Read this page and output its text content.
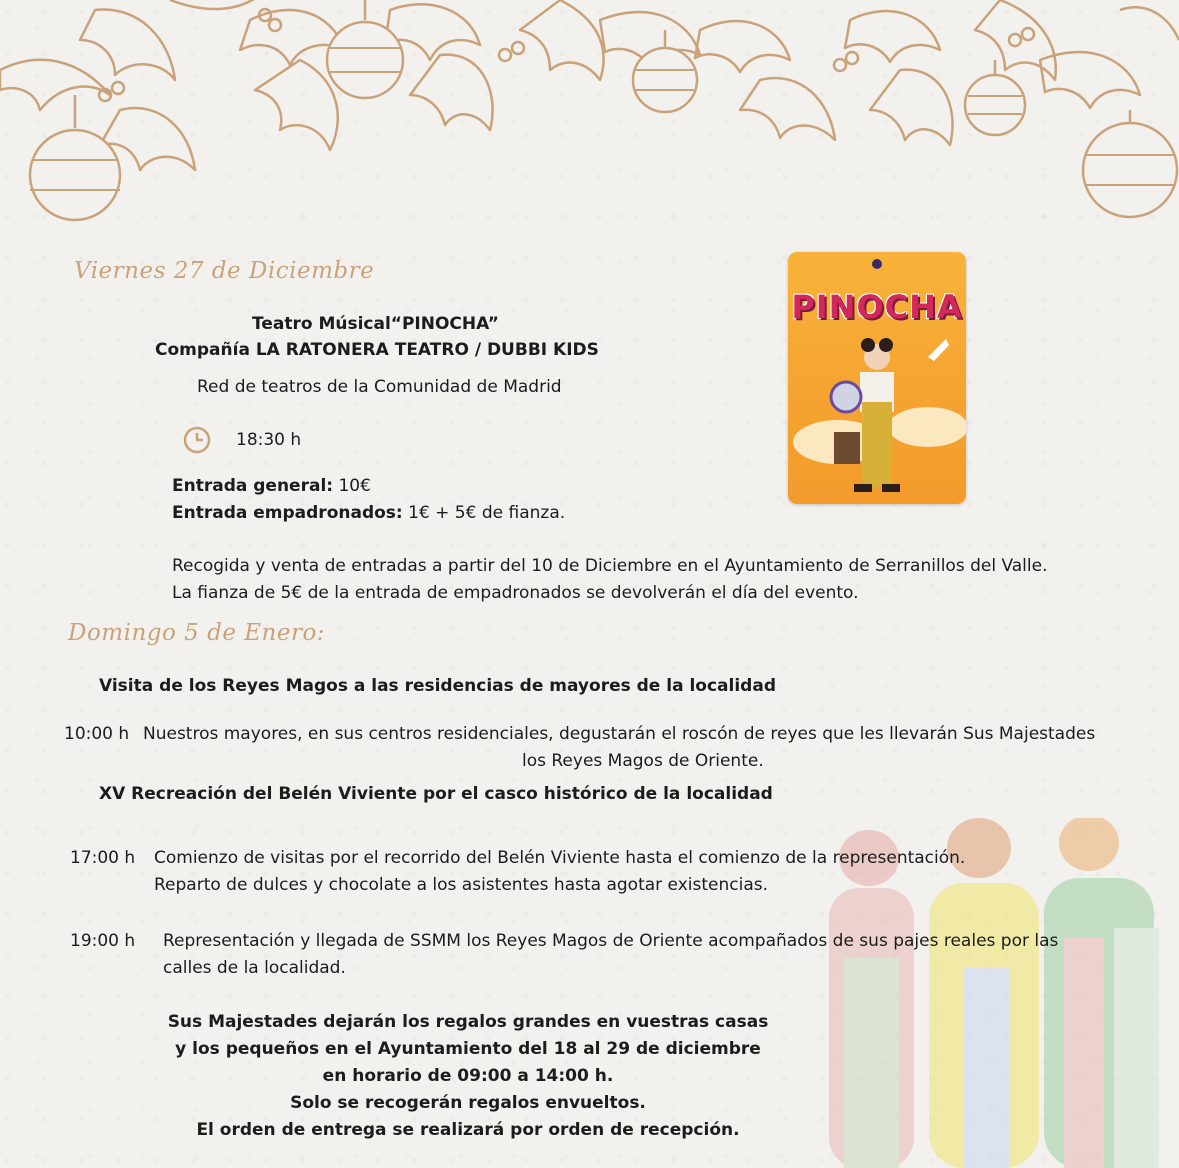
Viernes 27 de Diciembre
Teatro Músical“PINOCHA”
Compañía LA RATONERA TEATRO / DUBBI KIDS
Red de teatros de la Comunidad de Madrid
18:30 h
Entrada general: 10€
Entrada empadronados: 1€ + 5€ de fianza.
Recogida y venta de entradas a partir del 10 de Diciembre en el Ayuntamiento de Serranillos del Valle.
La fianza de 5€ de la entrada de empadronados se devolverán el día del evento.
PINOCHA
Domingo 5 de Enero:
Visita de los Reyes Magos a las residencias de mayores de la localidad
10:00 h Nuestros mayores, en sus centros residenciales, degustarán el roscón de reyes que les llevarán Sus Majestades
los Reyes Magos de Oriente.
XV Recreación del Belén Viviente por el casco histórico de la localidad
17:00 h Comienzo de visitas por el recorrido del Belén Viviente hasta el comienzo de la representación.
Reparto de dulces y chocolate a los asistentes hasta agotar existencias.
19:00 h Representación y llegada de SSMM los Reyes Magos de Oriente acompañados de sus pajes reales por las
calles de la localidad.
Sus Majestades dejarán los regalos grandes en vuestras casas
y los pequeños en el Ayuntamiento del 18 al 29 de diciembre
en horario de 09:00 a 14:00 h.
Solo se recogerán regalos envueltos.
El orden de entrega se realizará por orden de recepción.
